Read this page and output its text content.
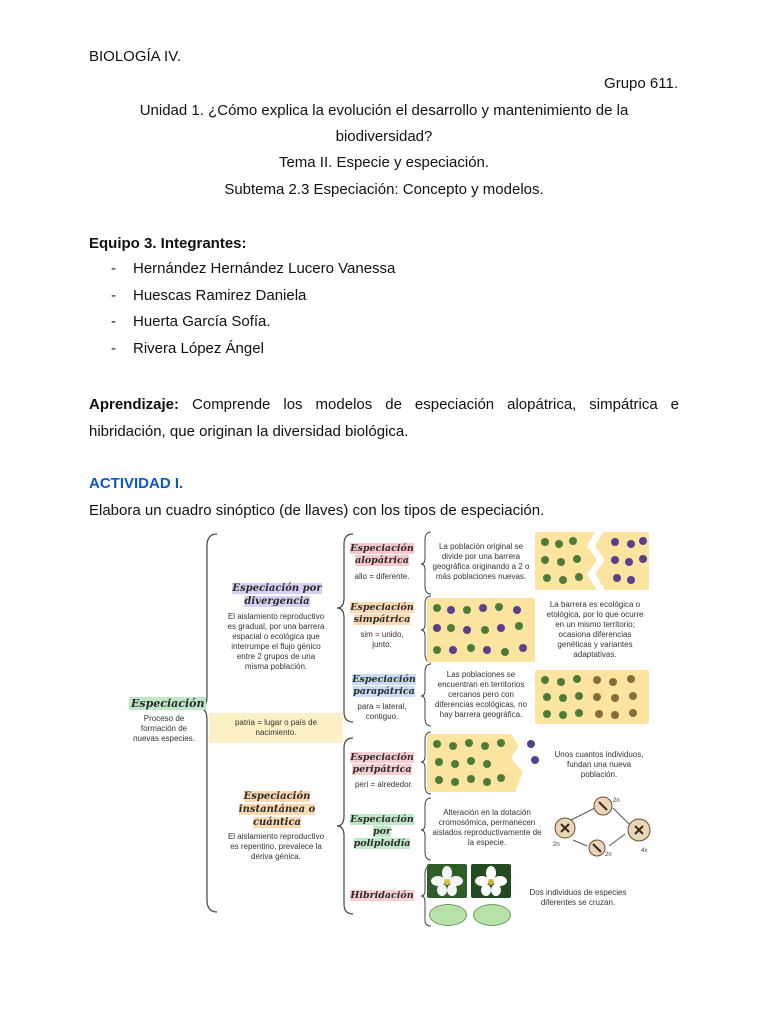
BIOLOGÍA IV.
Grupo 611.
Unidad 1. ¿Cómo explica la evolución el desarrollo y mantenimiento de la
biodiversidad?
Tema II. Especie y especiación.
Subtema 2.3 Especiación: Concepto y modelos.
Equipo 3. Integrantes:
- Hernández Hernández Lucero Vanessa
- Huescas Ramirez Daniela
- Huerta García Sofía.
- Rivera López Ángel
Aprendizaje: Comprende los modelos de especiación alopátrica, simpátrica e
hibridación, que originan la diversidad biológica.
ACTIVIDAD I.
Elabora un cuadro sinóptico (de llaves) con los tipos de especiación.
Especiación
Proceso de
formación de
nuevas especies.
Especiación por
divergencia
El aislamiento reproductivo
es gradual, por una barrera
espacial o ecológica que
interrumpe el flujo génico
entre 2 grupos de una
misma población.
patria = lugar o país de
nacimiento.
Especiación
instantánea o
cuántica
El aislamiento reproductivo
es repentino, prevalece la
deriva génica.
Especiación
alopátrica
allo = diferente.
La población original se
divide por una barrera
geográfica originando a 2 o
más poblaciones nuevas.
Especiación
simpátrica
sim = unido,
junto.
La barrera es ecológica o
etológica, por lo que ocurre
en un mismo territorio;
ocasiona diferencias
genéticas y variantes
adaptativas.
Especiación
parapátrica
para = lateral,
contiguo.
Las poblaciones se
encuentran en territorios
cercanos pero con
diferencias ecológicas, no
hay barrera geográfica.
Especiación
peripátrica
peri = alrededor.
Unos cuantos individuos,
fundan una nueva
población.
Especiación
por
poliploidía
Alteración en la dotación
cromosómica, permanecen
aislados reproductivamente de
la especie.
2n
2n
4x
2n
Hibridación	Dos individuos de especies
diferentes se cruzan.
